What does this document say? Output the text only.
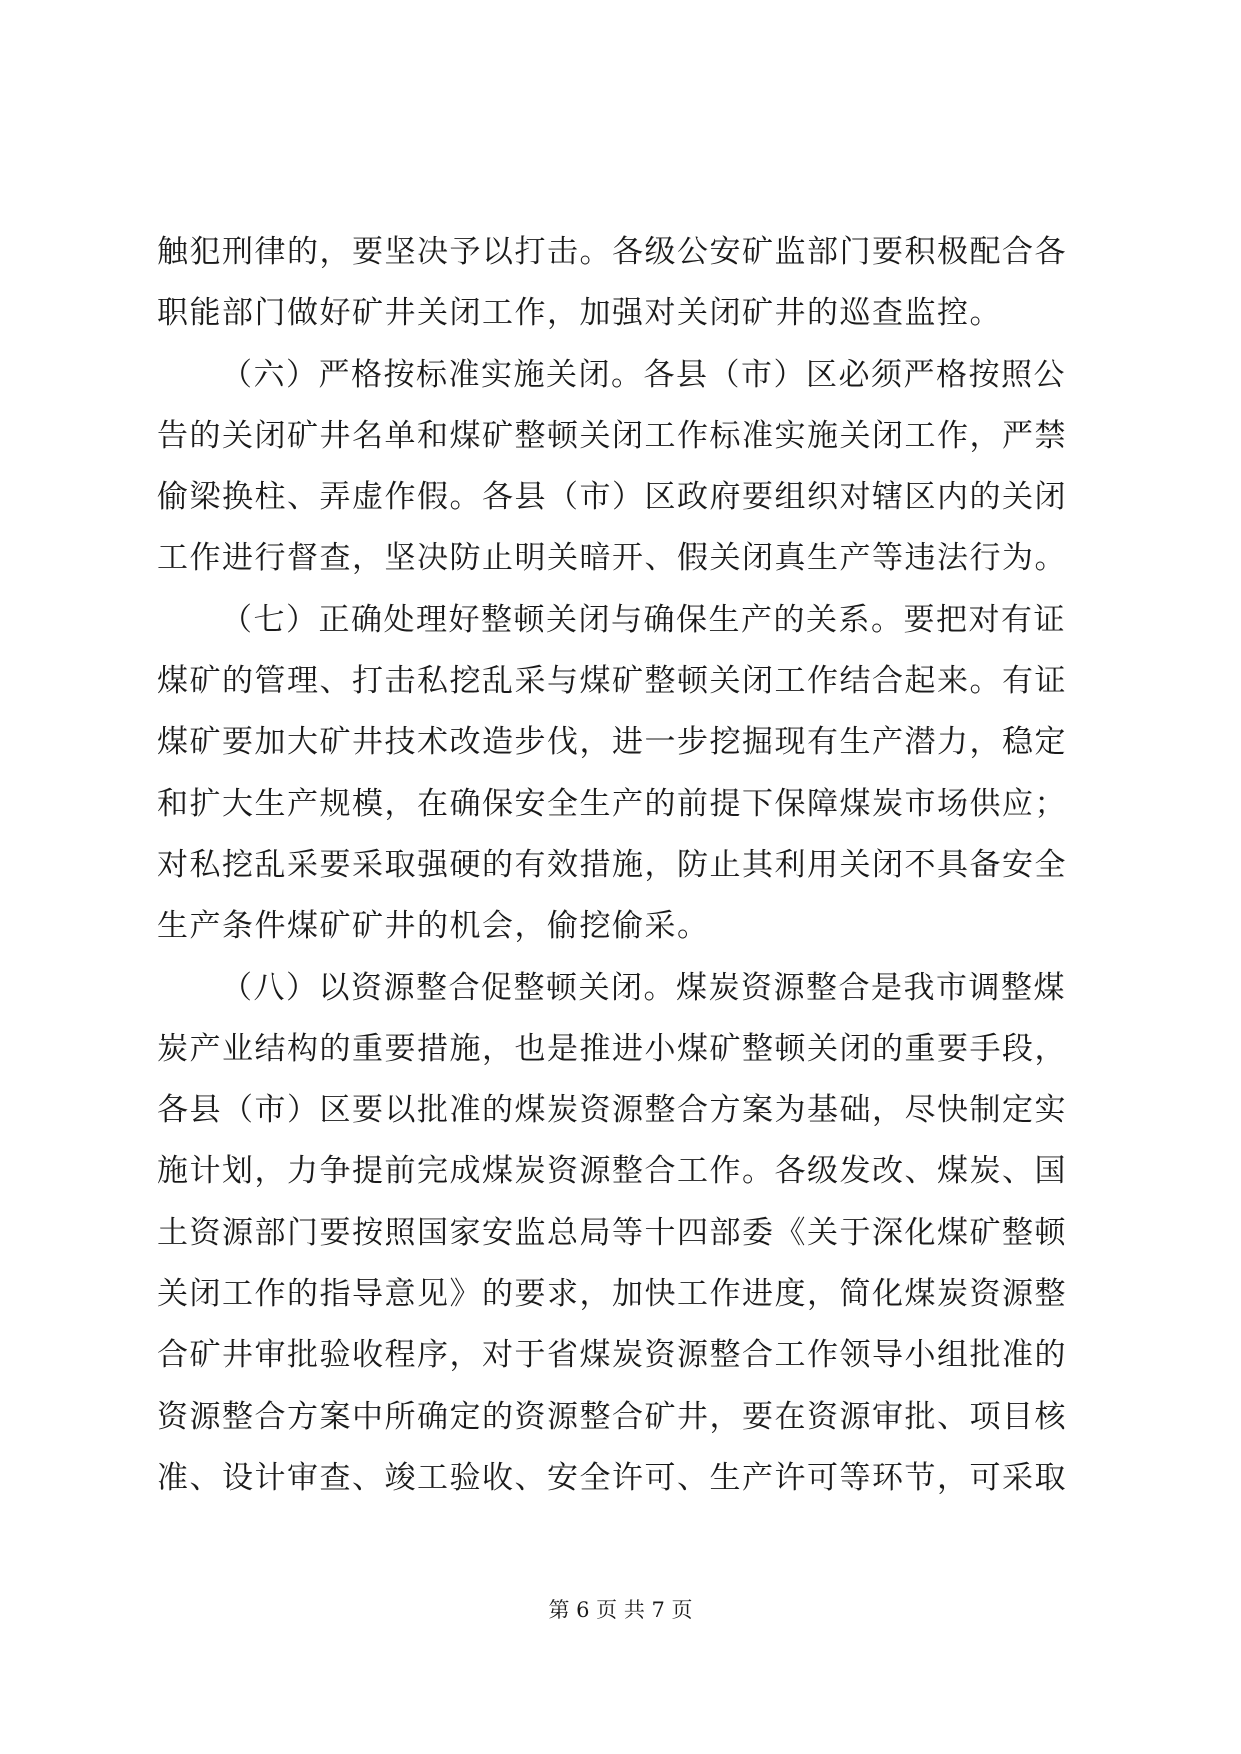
触犯刑律的，要坚决予以打击。各级公安矿监部门要积极配合各
职能部门做好矿井关闭工作，加强对关闭矿井的巡查监控。
（六）严格按标准实施关闭。各县（市）区必须严格按照公
告的关闭矿井名单和煤矿整顿关闭工作标准实施关闭工作，严禁
偷梁换柱、弄虚作假。各县（市）区政府要组织对辖区内的关闭
工作进行督查，坚决防止明关暗开、假关闭真生产等违法行为。
（七）正确处理好整顿关闭与确保生产的关系。要把对有证
煤矿的管理、打击私挖乱采与煤矿整顿关闭工作结合起来。有证
煤矿要加大矿井技术改造步伐，进一步挖掘现有生产潜力，稳定
和扩大生产规模，在确保安全生产的前提下保障煤炭市场供应；
对私挖乱采要采取强硬的有效措施，防止其利用关闭不具备安全
生产条件煤矿矿井的机会，偷挖偷采。
（八）以资源整合促整顿关闭。煤炭资源整合是我市调整煤
炭产业结构的重要措施，也是推进小煤矿整顿关闭的重要手段，
各县（市）区要以批准的煤炭资源整合方案为基础，尽快制定实
施计划，力争提前完成煤炭资源整合工作。各级发改、煤炭、国
土资源部门要按照国家安监总局等十四部委《关于深化煤矿整顿
关闭工作的指导意见》的要求，加快工作进度，简化煤炭资源整
合矿井审批验收程序，对于省煤炭资源整合工作领导小组批准的
资源整合方案中所确定的资源整合矿井，要在资源审批、项目核
准、设计审查、竣工验收、安全许可、生产许可等环节，可采取
第 6 页 共 7 页
